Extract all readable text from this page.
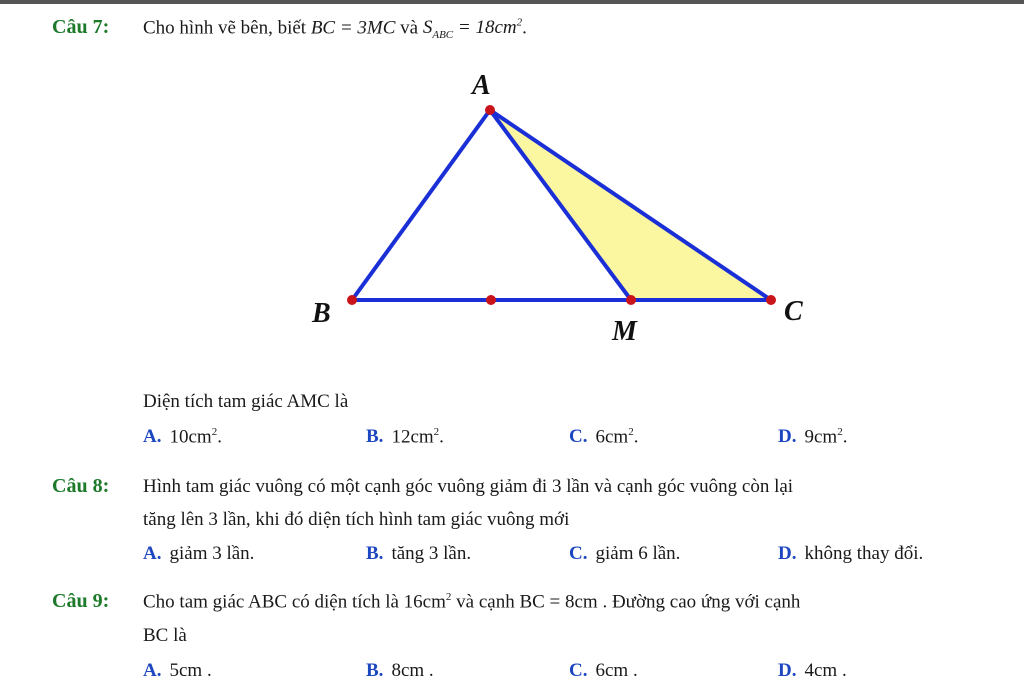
Câu 7: Cho hình vẽ bên, biết BC = 3MC và $S_{ABC} = 18cm^2$.
A
B	C
M
Diện tích tam giác AMC là
A. $10cm^2$.	B. $12cm^2$.	C. $6cm^2$.	D. $9cm^2$.
Câu 8: Hình tam giác vuông có một cạnh góc vuông giảm đi 3 lần và cạnh góc vuông còn lại
tăng lên 3 lần, khi đó diện tích hình tam giác vuông mới
A. giảm 3 lần.	B. tăng 3 lần.	C. giảm 6 lần.	D. không thay đổi.
Câu 9: Cho tam giác ABC có diện tích là $16cm^2$ và cạnh BC = 8cm . Đường cao ứng với cạnh
BC là
A. 5cm .	B. 8cm .	C. 6cm .	D. 4cm .
